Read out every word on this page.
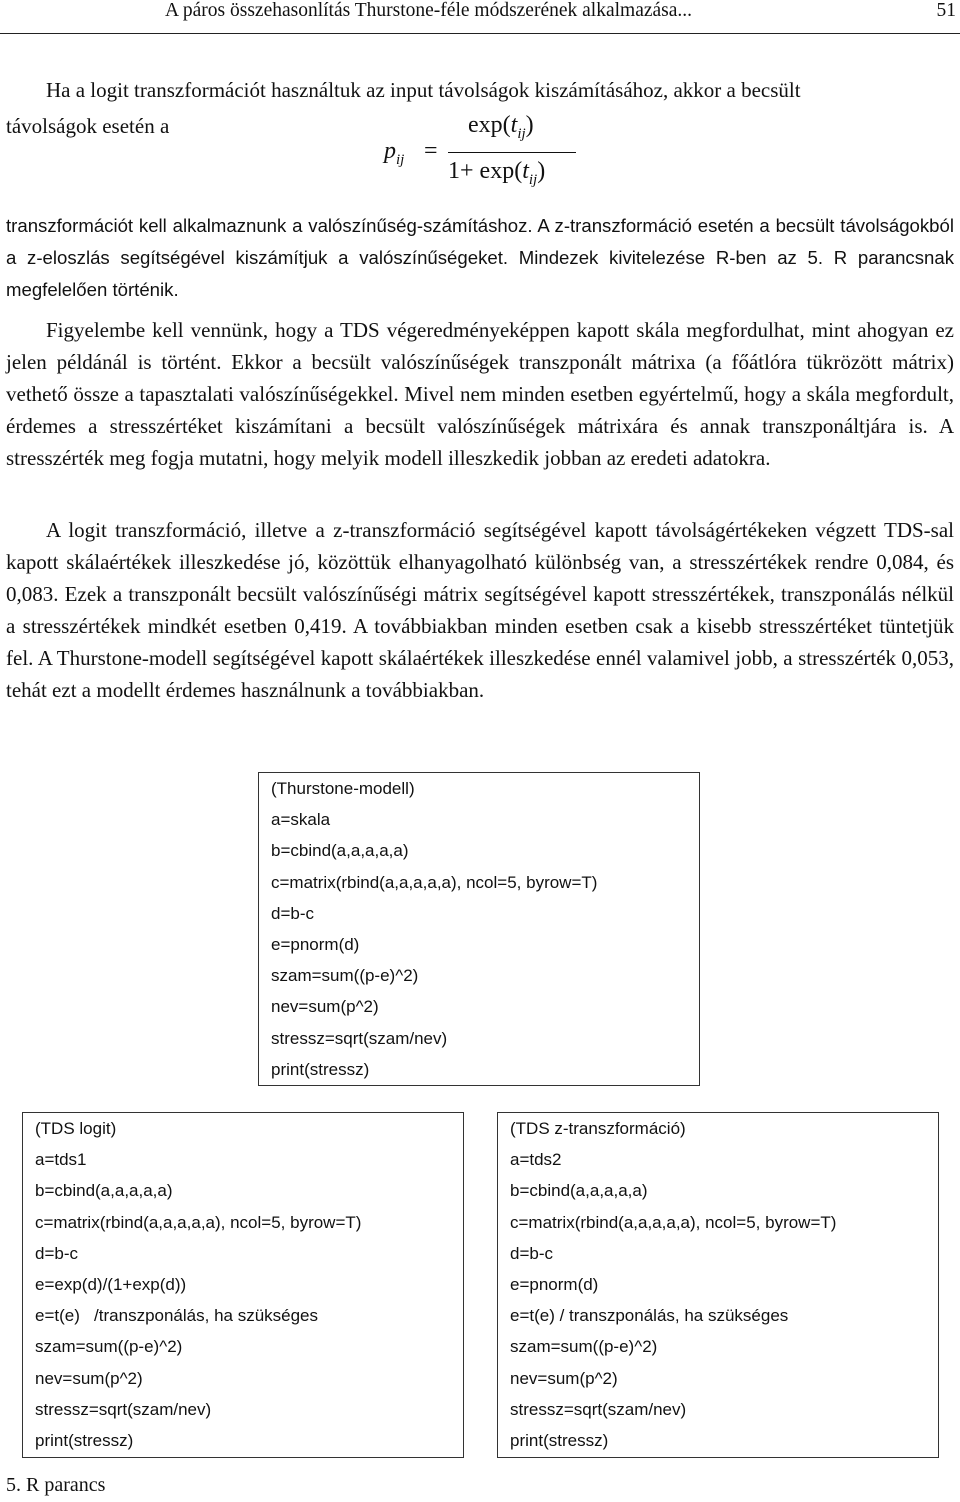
A páros összehasonlítás Thurstone-féle módszerének alkalmazása...	51
Ha a logit transzformációt használtuk az input távolságok kiszámításához, akkor a becsült
távolságok esetén a
$p_{ij}$ =
$\exp(t_{ij})$
$1+ \exp(t_{ij})$
transzformációt kell alkalmaznunk a valószínűség-számításhoz. A z-transzformáció esetén a becsült távolságokból a z-eloszlás segítségével kiszámítjuk a valószínűségeket. Mindezek kivitelezése R-ben az 5. R parancsnak megfelelően történik.
Figyelembe kell vennünk, hogy a TDS végeredményeképpen kapott skála megfordulhat, mint ahogyan ez jelen példánál is történt. Ekkor a becsült valószínűségek transzponált mátrixa (a főátlóra tükrözött mátrix) vethető össze a tapasztalati valószínűségekkel. Mivel nem minden esetben egyértelmű, hogy a skála megfordult, érdemes a stresszértéket kiszámítani a becsült valószínűségek mátrixára és annak transzponáltjára is. A stresszérték meg fogja mutatni, hogy melyik modell illeszkedik jobban az eredeti adatokra.
A logit transzformáció, illetve a z-transzformáció segítségével kapott távolságértékeken végzett TDS-sal kapott skálaértékek illeszkedése jó, közöttük elhanyagolható különbség van, a stresszértékek rendre 0,084, és 0,083. Ezek a transzponált becsült valószínűségi mátrix segítségével kapott stresszértékek, transzponálás nélkül a stresszértékek mindkét esetben 0,419. A továbbiakban minden esetben csak a kisebb stresszértéket tüntetjük fel. A Thurstone-modell segítségével kapott skálaértékek illeszkedése ennél valamivel jobb, a stresszérték 0,053, tehát ezt a modellt érdemes használnunk a továbbiakban.
(Thurstone-modell)
a=skala
b=cbind(a,a,a,a,a)
c=matrix(rbind(a,a,a,a,a), ncol=5, byrow=T)
d=b-c
e=pnorm(d)
szam=sum((p-e)^2)
nev=sum(p^2)
stressz=sqrt(szam/nev)
print(stressz)
(TDS logit)
a=tds1
b=cbind(a,a,a,a,a)
c=matrix(rbind(a,a,a,a,a), ncol=5, byrow=T)
d=b-c
e=exp(d)/(1+exp(d))
e=t(e)   /transzponálás, ha szükséges
szam=sum((p-e)^2)
nev=sum(p^2)
stressz=sqrt(szam/nev)
print(stressz)
(TDS z-transzformáció)
a=tds2
b=cbind(a,a,a,a,a)
c=matrix(rbind(a,a,a,a,a), ncol=5, byrow=T)
d=b-c
e=pnorm(d)
e=t(e) / transzponálás, ha szükséges
szam=sum((p-e)^2)
nev=sum(p^2)
stressz=sqrt(szam/nev)
print(stressz)
5. R parancs
